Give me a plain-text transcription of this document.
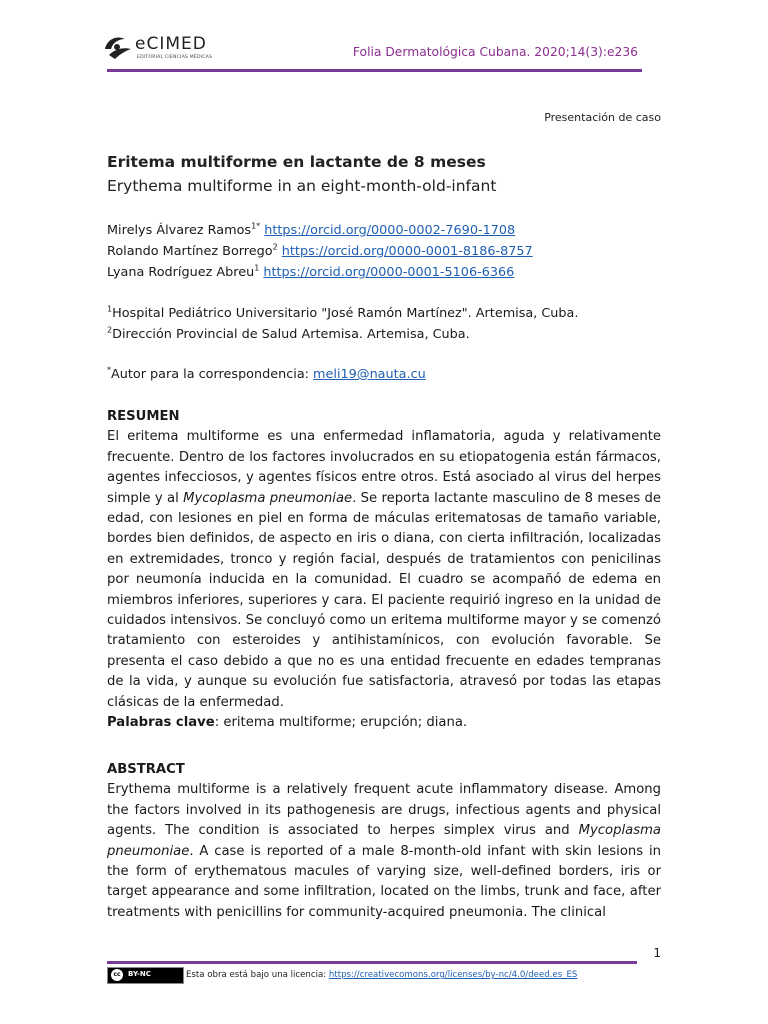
eCIMED
EDITORIAL CIENCIAS MÉDICAS	Folia Dermatológica Cubana. 2020;14(3):e236
Presentación de caso
Eritema multiforme en lactante de 8 meses
Erythema multiforme in an eight-month-old-infant
Mirelys Álvarez Ramos$^{1*}$ https://orcid.org/0000-0002-7690-1708
Rolando Martínez Borrego$^2$ https://orcid.org/0000-0001-8186-8757
Lyana Rodríguez Abreu$^1$ https://orcid.org/0000-0001-5106-6366
$^1$Hospital Pediátrico Universitario "José Ramón Martínez". Artemisa, Cuba.
$^2$Dirección Provincial de Salud Artemisa. Artemisa, Cuba.
*Autor para la correspondencia: meli19@nauta.cu
RESUMEN

El eritema multiforme es una enfermedad inflamatoria, aguda y relativamente frecuente. Dentro de los factores involucrados en su etiopatogenia están fármacos, agentes infecciosos, y agentes físicos entre otros. Está asociado al virus del herpes simple y al Mycoplasma pneumoniae. Se reporta lactante masculino de 8 meses de edad, con lesiones en piel en forma de máculas eritematosas de tamaño variable, bordes bien definidos, de aspecto en iris o diana, con cierta infiltración, localizadas en extremidades, tronco y región facial, después de tratamientos con penicilinas por neumonía inducida en la comunidad. El cuadro se acompañó de edema en miembros inferiores, superiores y cara. El paciente requirió ingreso en la unidad de cuidados intensivos. Se concluyó como un eritema multiforme mayor y se comenzó tratamiento con esteroides y antihistamínicos, con evolución favorable. Se presenta el caso debido a que no es una entidad frecuente en edades tempranas de la vida, y aunque su evolución fue satisfactoria, atravesó por todas las etapas clásicas de la enfermedad.

Palabras clave: eritema multiforme; erupción; diana.

ABSTRACT

Erythema multiforme is a relatively frequent acute inflammatory disease. Among the factors involved in its pathogenesis are drugs, infectious agents and physical agents. The condition is associated to herpes simplex virus and Mycoplasma pneumoniae. A case is reported of a male 8-month-old infant with skin lesions in the form of erythematous macules of varying size, well-defined borders, iris or target appearance and some infiltration, located on the limbs, trunk and face, after treatments with penicillins for community-acquired pneumonia. The clinical

1
cc	BY-NC	Esta obra está bajo una licencia: https://creativecomons.org/licenses/by-nc/4.0/deed.es_ES
